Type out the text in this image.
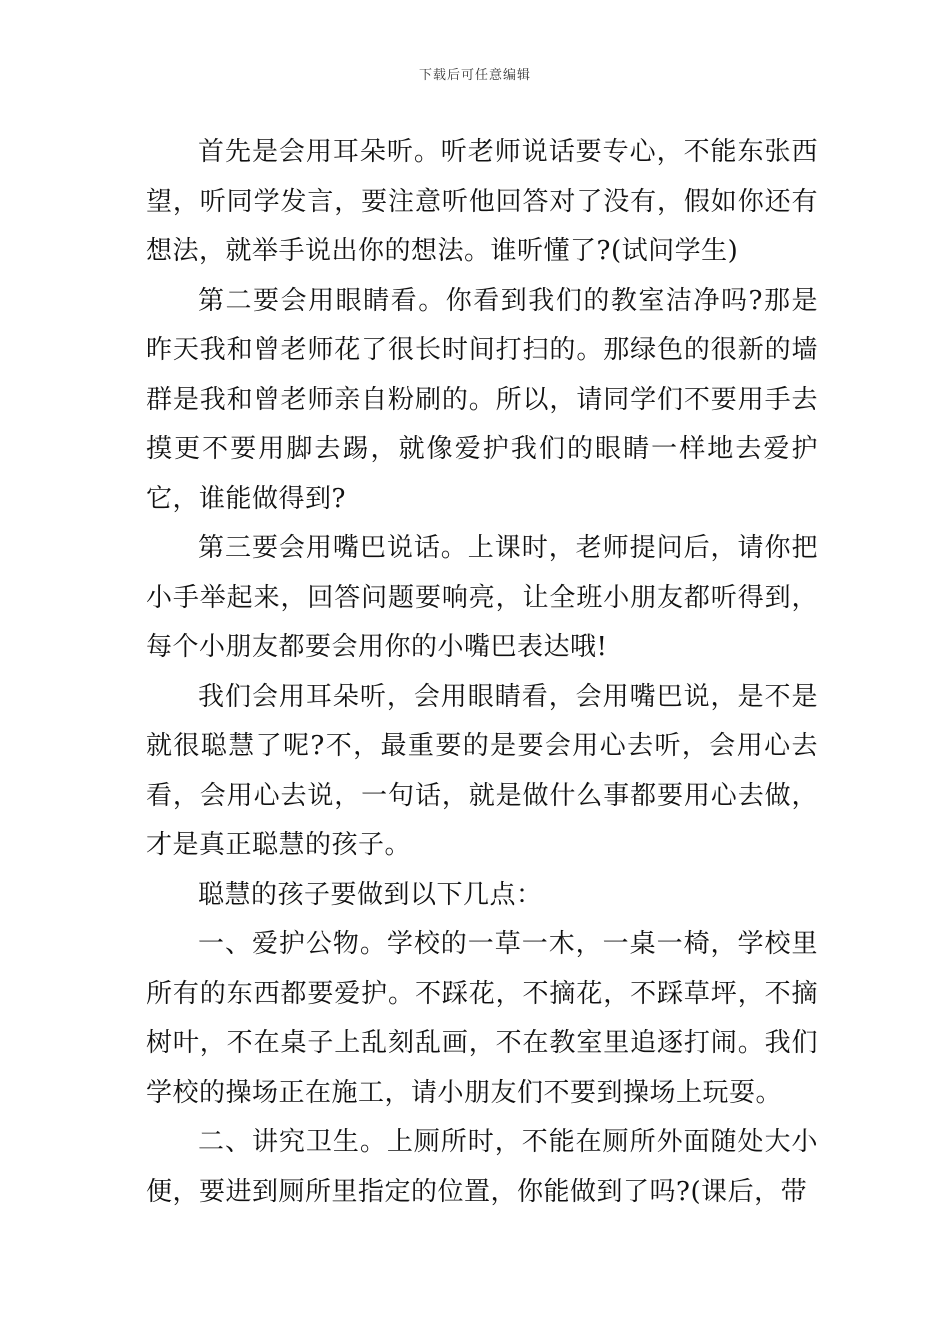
下载后可任意编辑

首先是会用耳朵听。听老师说话要专心，不能东张西望，听同学发言，要注意听他回答对了没有，假如你还有想法，就举手说出你的想法。谁听懂了?(试问学生)

第二要会用眼睛看。你看到我们的教室洁净吗?那是昨天我和曾老师花了很长时间打扫的。那绿色的很新的墙群是我和曾老师亲自粉刷的。所以，请同学们不要用手去摸更不要用脚去踢，就像爱护我们的眼睛一样地去爱护它，谁能做得到?

第三要会用嘴巴说话。上课时，老师提问后，请你把小手举起来，回答问题要响亮，让全班小朋友都听得到，每个小朋友都要会用你的小嘴巴表达哦!

我们会用耳朵听，会用眼睛看，会用嘴巴说，是不是就很聪慧了呢?不，最重要的是要会用心去听，会用心去看，会用心去说，一句话，就是做什么事都要用心去做，才是真正聪慧的孩子。

聪慧的孩子要做到以下几点：

一、爱护公物。学校的一草一木，一桌一椅，学校里所有的东西都要爱护。不踩花，不摘花，不踩草坪，不摘树叶，不在桌子上乱刻乱画，不在教室里追逐打闹。我们学校的操场正在施工，请小朋友们不要到操场上玩耍。

二、讲究卫生。上厕所时，不能在厕所外面随处大小便，要进到厕所里指定的位置，你能做到了吗?(课后，带
